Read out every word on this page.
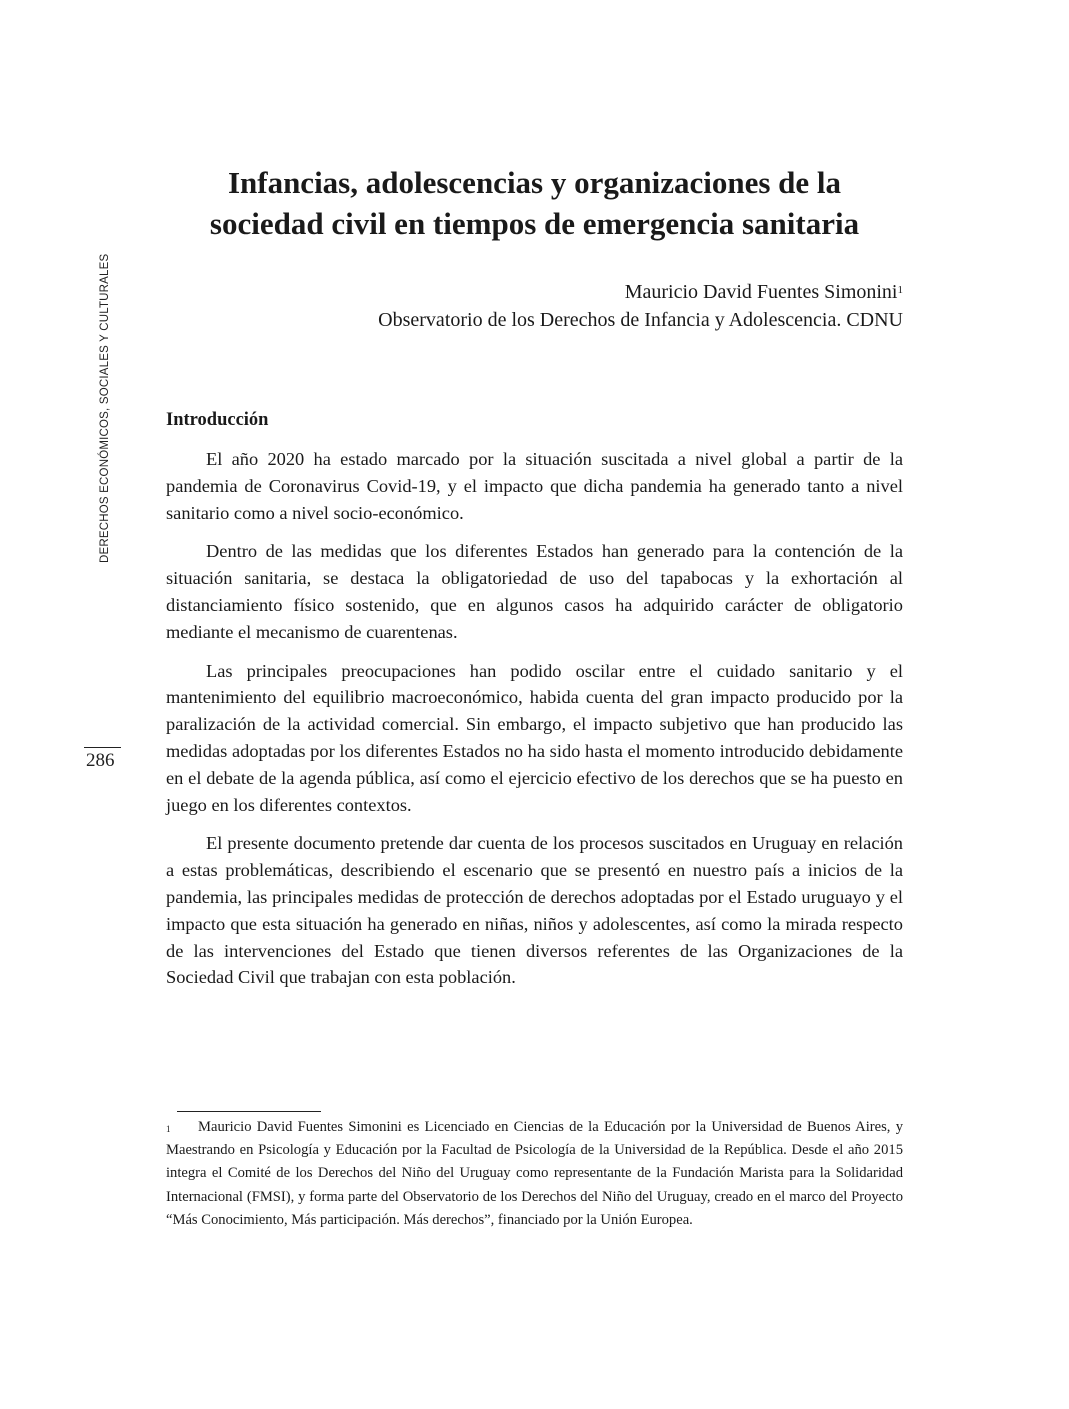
DERECHOS ECONÓMICOS, SOCIALES Y CULTURALES
286
Infancias, adolescencias y organizaciones de la
sociedad civil en tiempos de emergencia sanitaria
Mauricio David Fuentes Simonini$^1$
Observatorio de los Derechos de Infancia y Adolescencia. CDNU
Introducción

El año 2020 ha estado marcado por la situación suscitada a nivel global a partir de la pandemia de Coronavirus Covid-19, y el impacto que dicha pandemia ha generado tanto a nivel sanitario como a nivel socio-económico.

Dentro de las medidas que los diferentes Estados han generado para la contención de la situación sanitaria, se destaca la obligatoriedad de uso del tapabocas y la exhortación al distanciamiento físico sostenido, que en algunos casos ha adquirido carácter de obligatorio mediante el mecanismo de cuarentenas.

Las principales preocupaciones han podido oscilar entre el cuidado sanitario y el mantenimiento del equilibrio macroeconómico, habida cuenta del gran impacto producido por la paralización de la actividad comercial. Sin embargo, el impacto subjetivo que han producido las medidas adoptadas por los diferentes Estados no ha sido hasta el momento introducido debidamente en el debate de la agenda pública, así como el ejercicio efectivo de los derechos que se ha puesto en juego en los diferentes contextos.

El presente documento pretende dar cuenta de los procesos suscitados en Uruguay en relación a estas problemáticas, describiendo el escenario que se presentó en nuestro país a inicios de la pandemia, las principales medidas de protección de derechos adoptadas por el Estado uruguayo y el impacto que esta situación ha generado en niñas, niños y adolescentes, así como la mirada respecto de las intervenciones del Estado que tienen diversos referentes de las Organizaciones de la Sociedad Civil que trabajan con esta población.

1 Mauricio David Fuentes Simonini es Licenciado en Ciencias de la Educación por la Universidad de Buenos Aires, y Maestrando en Psicología y Educación por la Facultad de Psicología de la Universidad de la República. Desde el año 2015 integra el Comité de los Derechos del Niño del Uruguay como representante de la Fundación Marista para la Solidaridad Internacional (FMSI), y forma parte del Observatorio de los Derechos del Niño del Uruguay, creado en el marco del Proyecto “Más Conocimiento, Más participación. Más derechos”, financiado por la Unión Europea.
